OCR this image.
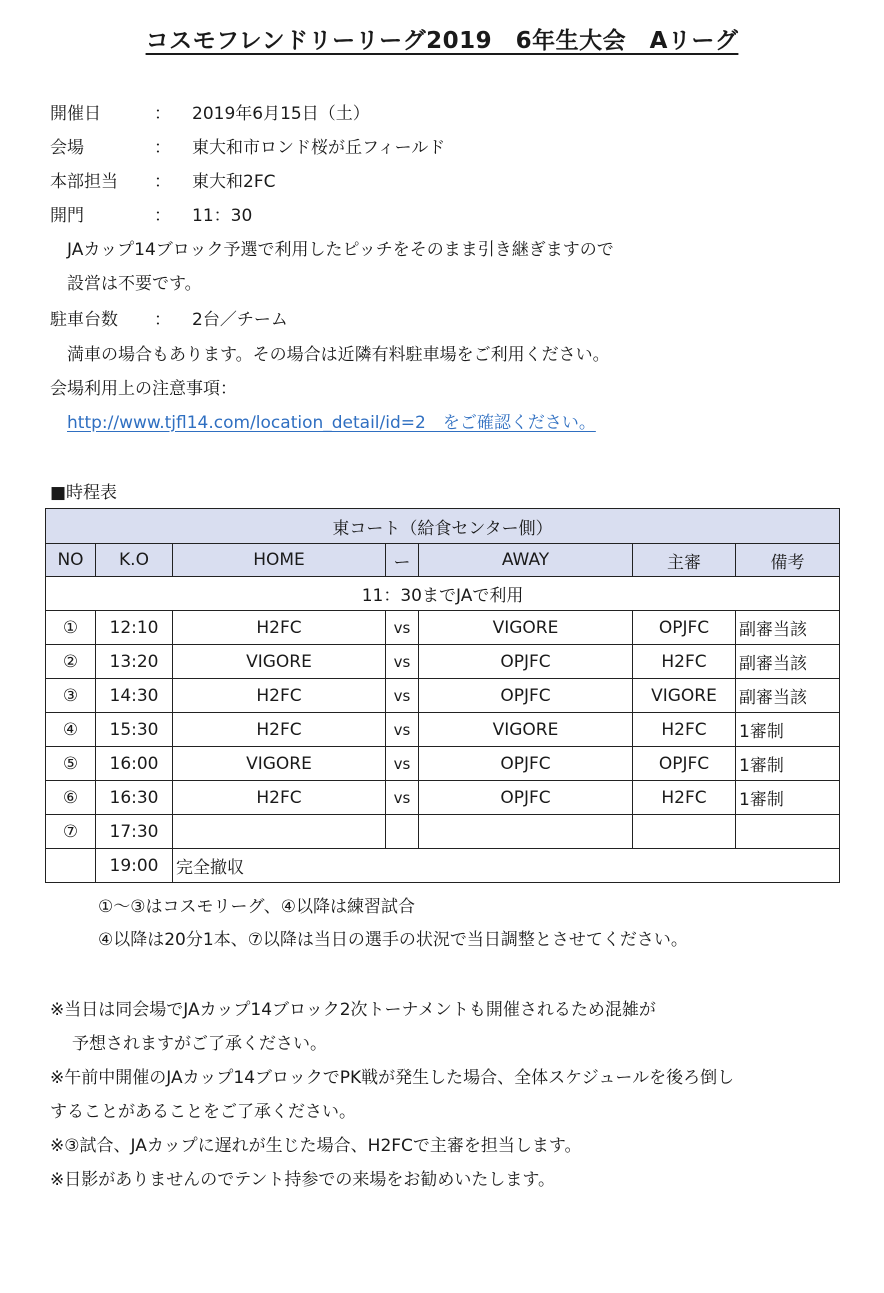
コスモフレンドリーリーグ2019　6年生大会　Aリーグ
開催日	： 2019年6月15日（土）
会場	： 東大和市ロンド桜が丘フィールド
本部担当 ： 東大和2FC
開門	： 11：30
JAカップ14ブロック予選で利用したピッチをそのまま引き継ぎますので
設営は不要です。
駐車台数 ： 2台／チーム
満車の場合もあります。その場合は近隣有料駐車場をご利用ください。
会場利用上の注意事項：
http://www.tjfl14.com/location_detail/id=2　をご確認ください。
■時程表
東コート（給食センター側）						
NO	K.O	HOME	ー	AWAY	主審	備考
11：30までJAで利用						
①	12:10	H2FC	vs	VIGORE	OPJFC	副審当該
②	13:20	VIGORE	vs	OPJFC	H2FC	副審当該
③	14:30	H2FC	vs	OPJFC	VIGORE	副審当該
④	15:30	H2FC	vs	VIGORE	H2FC	1審制
⑤	16:00	VIGORE	vs	OPJFC	OPJFC	1審制
⑥	16:30	H2FC	vs	OPJFC	H2FC	1審制
⑦	17:30					
	19:00	完全撤収				
①～③はコスモリーグ、④以降は練習試合
④以降は20分1本、⑦以降は当日の選手の状況で当日調整とさせてください。
※当日は同会場でJAカップ14ブロック2次トーナメントも開催されるため混雑が
予想されますがご了承ください。
※午前中開催のJAカップ14ブロックでPK戦が発生した場合、全体スケジュールを後ろ倒し
することがあることをご了承ください。
※③試合、JAカップに遅れが生じた場合、H2FCで主審を担当します。
※日影がありませんのでテント持参での来場をお勧めいたします。
